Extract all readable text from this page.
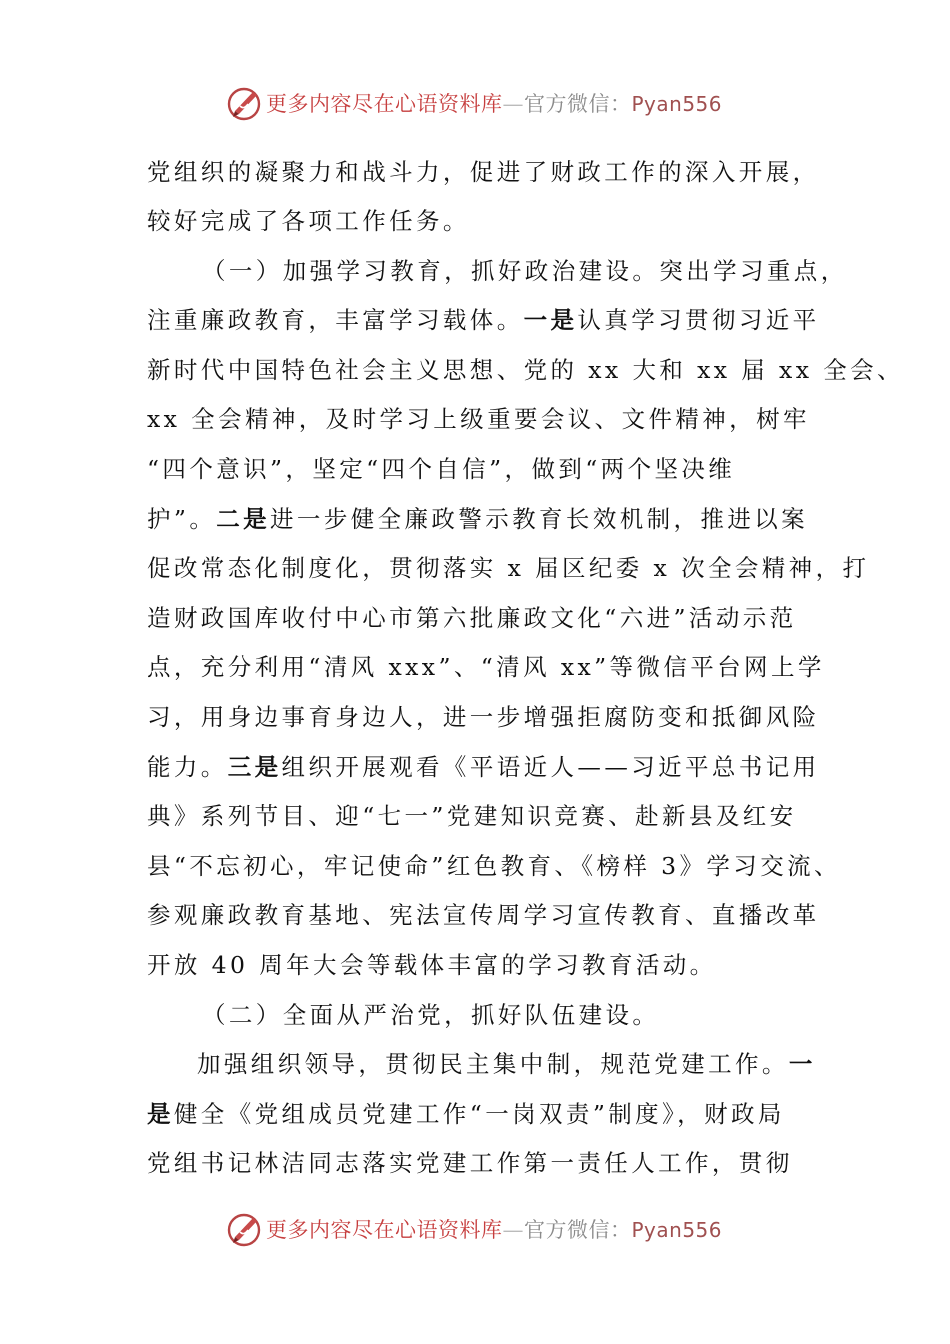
更多内容尽在心语资料库—官方微信：Pyan556
党组织的凝聚力和战斗力，促进了财政工作的深入开展，
较好完成了各项工作任务。
（一）加强学习教育，抓好政治建设。突出学习重点，
注重廉政教育，丰富学习载体。一是认真学习贯彻习近平
新时代中国特色社会主义思想、党的 xx 大和 xx 届 xx 全会、
xx 全会精神，及时学习上级重要会议、文件精神，树牢
“四个意识”，坚定“四个自信”，做到“两个坚决维
护”。二是进一步健全廉政警示教育长效机制，推进以案
促改常态化制度化，贯彻落实 x 届区纪委 x 次全会精神，打
造财政国库收付中心市第六批廉政文化“六进”活动示范
点，充分利用“清风 xxx”、“清风 xx”等微信平台网上学
习，用身边事育身边人，进一步增强拒腐防变和抵御风险
能力。三是组织开展观看《平语近人——习近平总书记用
典》系列节目、迎“七一”党建知识竞赛、赴新县及红安
县“不忘初心，牢记使命”红色教育、《榜样 3》学习交流、
参观廉政教育基地、宪法宣传周学习宣传教育、直播改革
开放 40 周年大会等载体丰富的学习教育活动。
（二）全面从严治党，抓好队伍建设。
加强组织领导，贯彻民主集中制，规范党建工作。一
是健全《党组成员党建工作“一岗双责”制度》，财政局
党组书记林洁同志落实党建工作第一责任人工作，贯彻
更多内容尽在心语资料库—官方微信：Pyan556
